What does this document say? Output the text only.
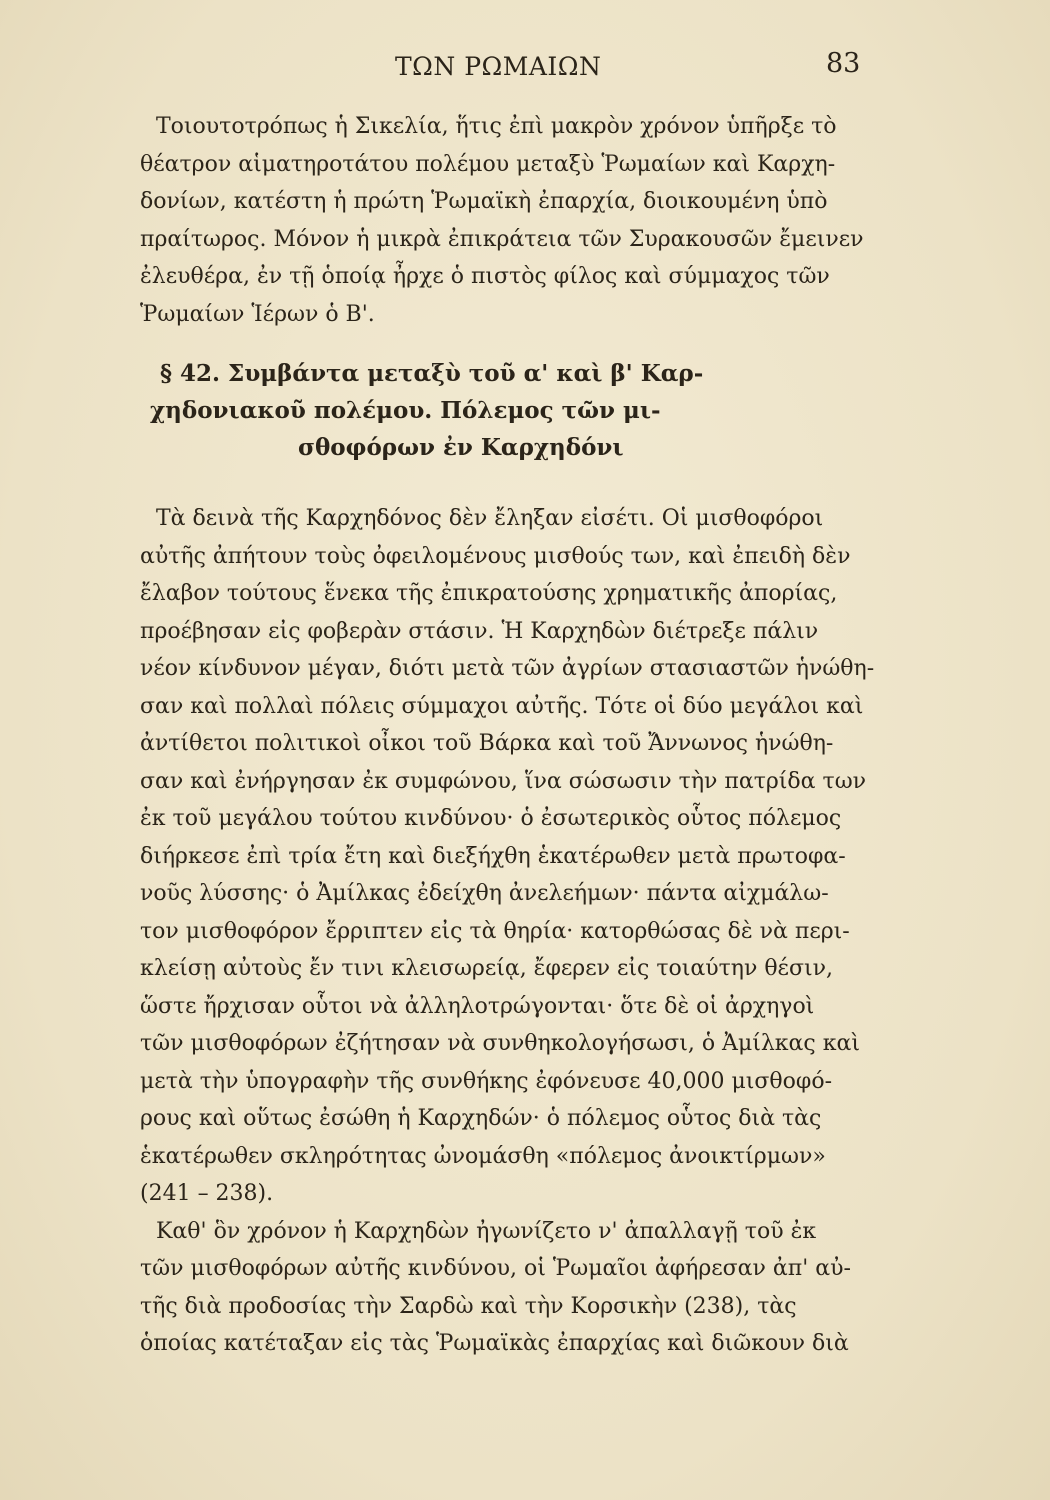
ΤΩΝ ΡΩΜΑΙΩΝ	83
Τοιουτοτρόπως ἡ Σικελία, ἥτις ἐπὶ μακρὸν χρόνον ὑπῆρξε τὸ
θέατρον αἱματηροτάτου πολέμου μεταξὺ Ῥωμαίων καὶ Καρχη-
δονίων, κατέστη ἡ πρώτη Ῥωμαϊκὴ ἐπαρχία, διοικουμένη ὑπὸ
πραίτωρος. Μόνον ἡ μικρὰ ἐπικράτεια τῶν Συρακουσῶν ἔμεινεν
ἐλευθέρα, ἐν τῇ ὁποίᾳ ἦρχε ὁ πιστὸς φίλος καὶ σύμμαχος τῶν
Ῥωμαίων Ἱέρων ὁ Β'.
§ 42. Συμβάντα μεταξὺ τοῦ α' καὶ β' Καρ-
χηδονιακοῦ πολέμου. Πόλεμος τῶν μι-
σθοφόρων ἐν Καρχηδόνι
Τὰ δεινὰ τῆς Καρχηδόνος δὲν ἔληξαν εἰσέτι. Οἱ μισθοφόροι
αὐτῆς ἀπήτουν τοὺς ὀφειλομένους μισθούς των, καὶ ἐπειδὴ δὲν
ἔλαβον τούτους ἕνεκα τῆς ἐπικρατούσης χρηματικῆς ἀπορίας,
προέβησαν εἰς φοβερὰν στάσιν. Ἡ Καρχηδὼν διέτρεξε πάλιν
νέον κίνδυνον μέγαν, διότι μετὰ τῶν ἀγρίων στασιαστῶν ἡνώθη-
σαν καὶ πολλαὶ πόλεις σύμμαχοι αὐτῆς. Τότε οἱ δύο μεγάλοι καὶ
ἀντίθετοι πολιτικοὶ οἶκοι τοῦ Βάρκα καὶ τοῦ Ἄννωνος ἡνώθη-
σαν καὶ ἐνήργησαν ἐκ συμφώνου, ἵνα σώσωσιν τὴν πατρίδα των
ἐκ τοῦ μεγάλου τούτου κινδύνου· ὁ ἐσωτερικὸς οὗτος πόλεμος
διήρκεσε ἐπὶ τρία ἔτη καὶ διεξήχθη ἑκατέρωθεν μετὰ πρωτοφα-
νοῦς λύσσης· ὁ Ἀμίλκας ἐδείχθη ἀνελεήμων· πάντα αἰχμάλω-
τον μισθοφόρον ἔρριπτεν εἰς τὰ θηρία· κατορθώσας δὲ νὰ περι-
κλείσῃ αὐτοὺς ἔν τινι κλεισωρείᾳ, ἔφερεν εἰς τοιαύτην θέσιν,
ὥστε ἤρχισαν οὗτοι νὰ ἀλληλοτρώγονται· ὅτε δὲ οἱ ἀρχηγοὶ
τῶν μισθοφόρων ἐζήτησαν νὰ συνθηκολογήσωσι, ὁ Ἀμίλκας καὶ
μετὰ τὴν ὑπογραφὴν τῆς συνθήκης ἐφόνευσε 40,000 μισθοφό-
ρους καὶ οὕτως ἐσώθη ἡ Καρχηδών· ὁ πόλεμος οὗτος διὰ τὰς
ἑκατέρωθεν σκληρότητας ὠνομάσθη «πόλεμος ἀνοικτίρμων»
(241 – 238).
Καθ' ὃν χρόνον ἡ Καρχηδὼν ἠγωνίζετο ν' ἀπαλλαγῇ τοῦ ἐκ
τῶν μισθοφόρων αὐτῆς κινδύνου, οἱ Ῥωμαῖοι ἀφήρεσαν ἀπ' αὐ-
τῆς διὰ προδοσίας τὴν Σαρδὼ καὶ τὴν Κορσικὴν (238), τὰς
ὁποίας κατέταξαν εἰς τὰς Ῥωμαϊκὰς ἐπαρχίας καὶ διῶκουν διὰ
